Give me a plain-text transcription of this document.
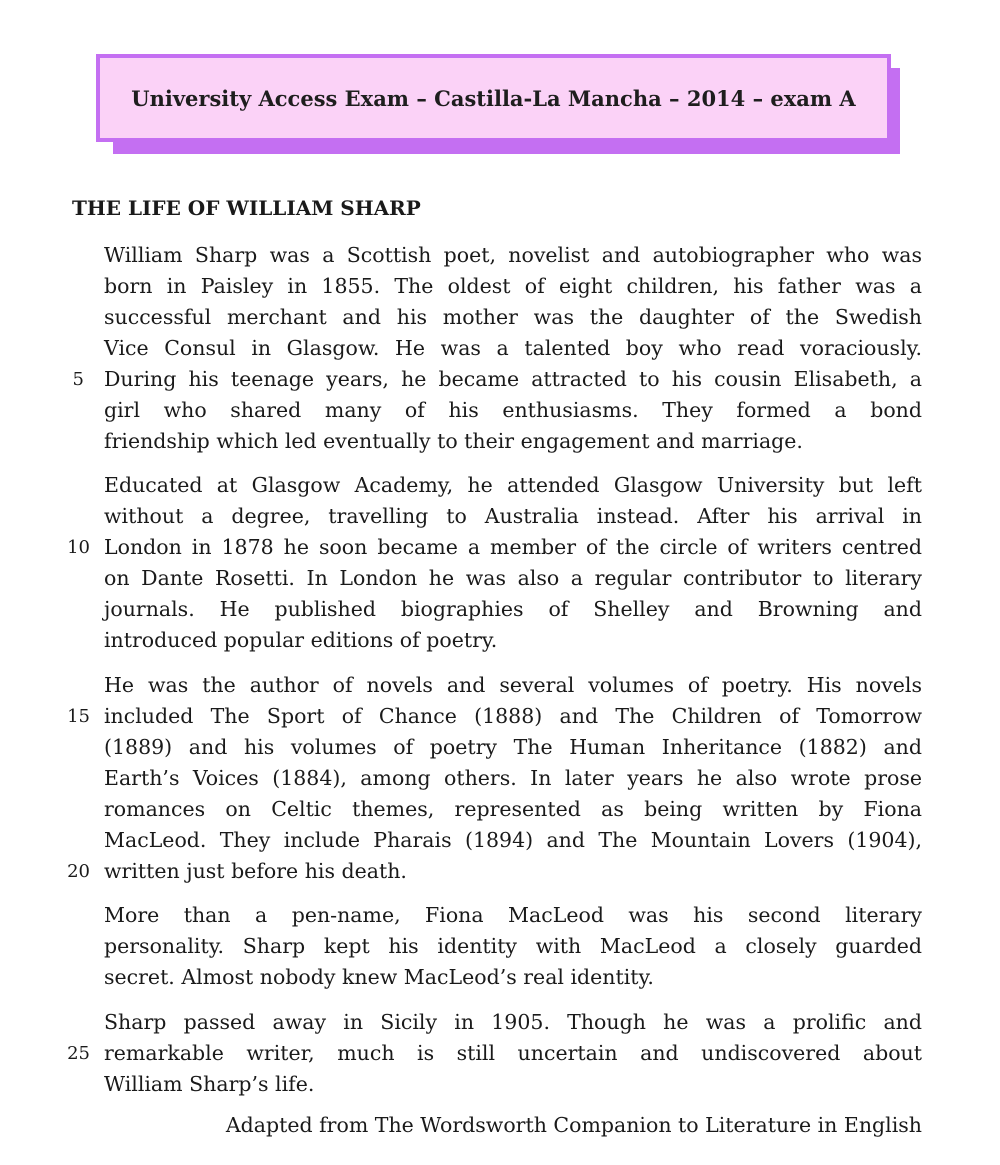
University Access Exam – Castilla-La Mancha – 2014 – exam A
THE LIFE OF WILLIAM SHARP

William Sharp was a Scottish poet, novelist and autobiographer who was
born in Paisley in 1855. The oldest of eight children, his father was a
successful merchant and his mother was the daughter of the Swedish
Vice Consul in Glasgow. He was a talented boy who read voraciously.
During his teenage years, he became attracted to his cousin Elisabeth, a
girl who shared many of his enthusiasms. They formed a bond
friendship which led eventually to their engagement and marriage.

Educated at Glasgow Academy, he attended Glasgow University but left
without a degree, travelling to Australia instead. After his arrival in
London in 1878 he soon became a member of the circle of writers centred
on Dante Rosetti. In London he was also a regular contributor to literary
journals. He published biographies of Shelley and Browning and
introduced popular editions of poetry.

He was the author of novels and several volumes of poetry. His novels
included The Sport of Chance (1888) and The Children of Tomorrow
(1889) and his volumes of poetry The Human Inheritance (1882) and
Earth’s Voices (1884), among others. In later years he also wrote prose
romances on Celtic themes, represented as being written by Fiona
MacLeod. They include Pharais (1894) and The Mountain Lovers (1904),
written just before his death.

More than a pen-name, Fiona MacLeod was his second literary
personality. Sharp kept his identity with MacLeod a closely guarded
secret. Almost nobody knew MacLeod’s real identity.

Sharp passed away in Sicily in 1905. Though he was a prolific and
remarkable writer, much is still uncertain and undiscovered about
William Sharp’s life.

5
10
15
20
25

Adapted from The Wordsworth Companion to Literature in English
